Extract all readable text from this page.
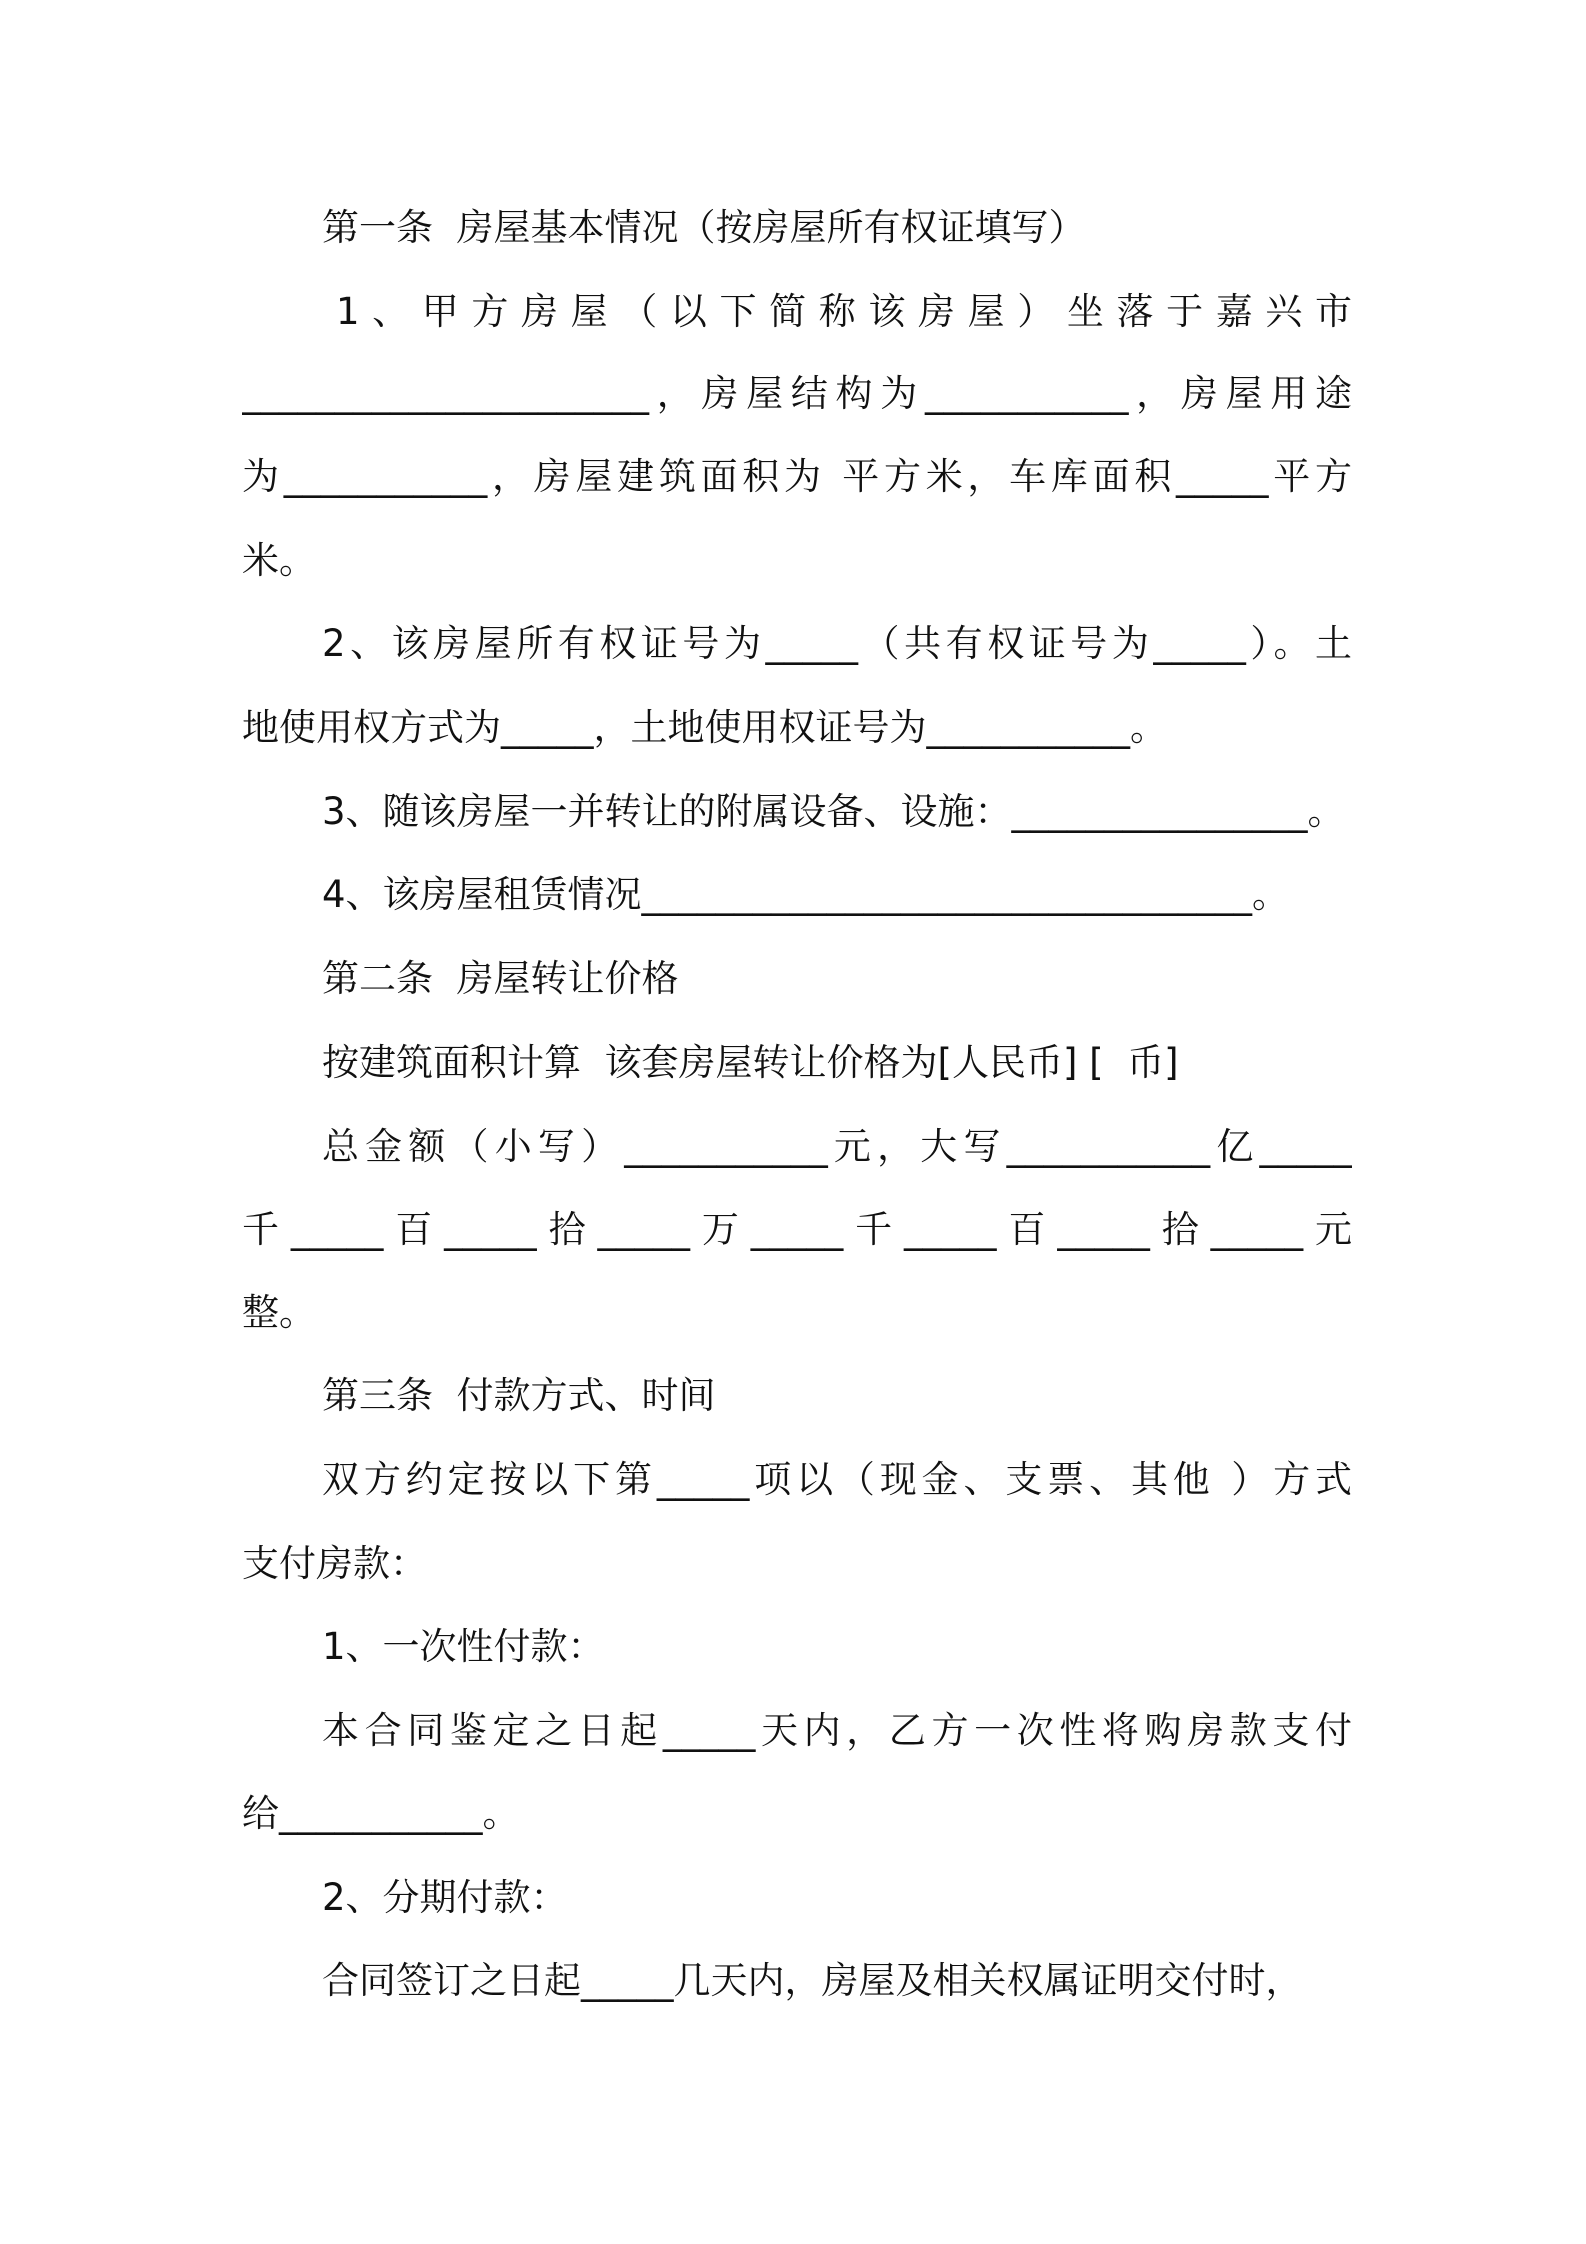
第一条  房屋基本情况（按房屋所有权证填写）
1、甲方房屋（以下简称该房屋）坐落于嘉兴市
______________________，房屋结构为___________，房屋用途
为___________，房屋建筑面积为 平方米，车库面积_____平方
米。
2、该房屋所有权证号为_____（共有权证号为_____）。土
地使用权方式为_____，土地使用权证号为___________。
3、随该房屋一并转让的附属设备、设施：________________。
4、该房屋租赁情况_________________________________。
第二条  房屋转让价格
按建筑面积计算  该套房屋转让价格为[人民币] [  币]
总金额（小写）___________元，大写___________亿_____
千_____百_____拾_____万_____千_____百_____拾_____元
整。
第三条  付款方式、时间
双方约定按以下第_____项以（现金、支票、其他 ）方式
支付房款：
1、一次性付款：
本合同鉴定之日起_____天内，乙方一次性将购房款支付
给___________。
2、分期付款：
合同签订之日起_____几天内，房屋及相关权属证明交付时，
